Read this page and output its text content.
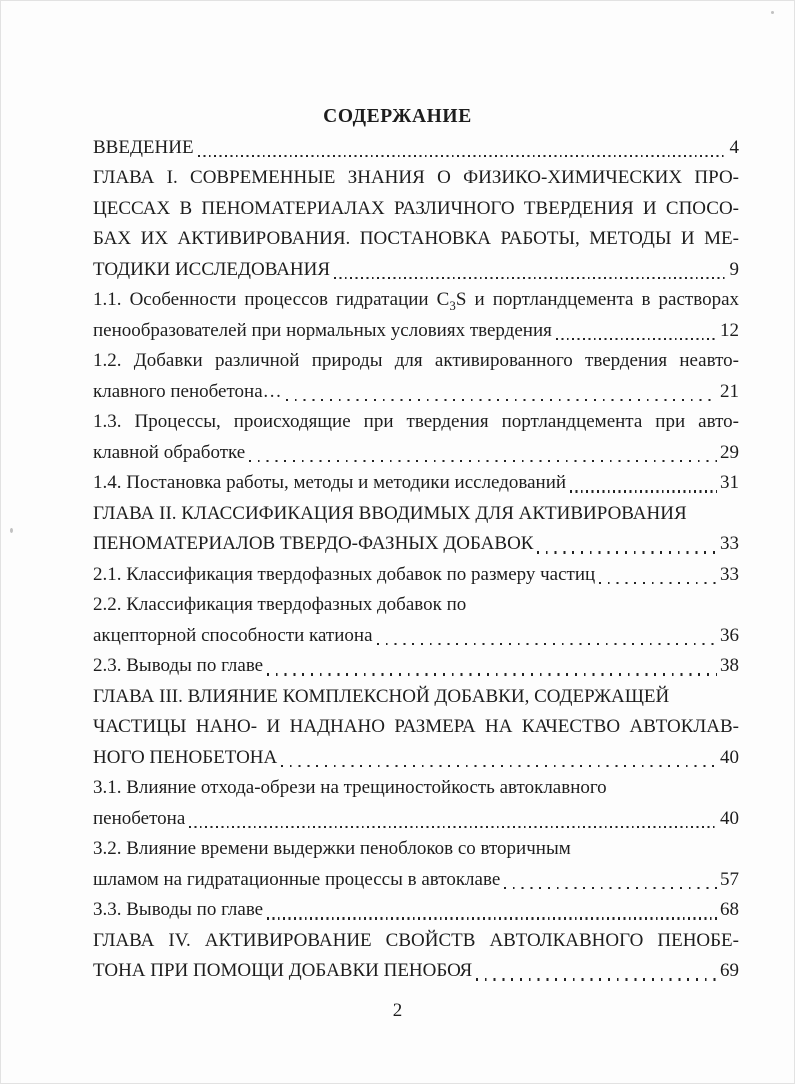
СОДЕРЖАНИЕ
ВВЕДЕНИЕ	4
ГЛАВА I. СОВРЕМЕННЫЕ ЗНАНИЯ О ФИЗИКО-ХИМИЧЕСКИХ ПРО-
ЦЕССАХ В ПЕНОМАТЕРИАЛАХ РАЗЛИЧНОГО ТВЕРДЕНИЯ И СПОСО-
БАХ ИХ АКТИВИРОВАНИЯ. ПОСТАНОВКА РАБОТЫ, МЕТОДЫ И МЕ-
ТОДИКИ ИССЛЕДОВАНИЯ	9
1.1. Особенности процессов гидратации $С_3S$ и портландцемента в растворах
пенообразователей при нормальных условиях твердения	12
1.2. Добавки различной природы для активированного твердения неавто-
клавного пенобетона…	21
1.3. Процессы, происходящие при твердения портландцемента при авто-
клавной обработке	29
1.4. Постановка работы, методы и методики исследований	31
ГЛАВА II. КЛАССИФИКАЦИЯ ВВОДИМЫХ ДЛЯ АКТИВИРОВАНИЯ
ПЕНОМАТЕРИАЛОВ ТВЕРДО-ФАЗНЫХ ДОБАВОК	33
2.1. Классификация твердофазных добавок по размеру частиц	33
2.2. Классификация твердофазных добавок по
акцепторной способности катиона	36
2.3. Выводы по главе	38
ГЛАВА III. ВЛИЯНИЕ КОМПЛЕКСНОЙ ДОБАВКИ, СОДЕРЖАЩЕЙ
ЧАСТИЦЫ НАНО- И НАДНАНО РАЗМЕРА НА КАЧЕСТВО АВТОКЛАВ-
НОГО ПЕНОБЕТОНА	40
3.1. Влияние отхода-обрези на трещиностойкость автоклавного
пенобетона	40
3.2. Влияние времени выдержки пеноблоков со вторичным
шламом на гидратационные процессы в автоклаве	57
3.3. Выводы по главе	68
ГЛАВА IV. АКТИВИРОВАНИЕ СВОЙСТВ АВТОЛКАВНОГО ПЕНОБЕ-
ТОНА ПРИ ПОМОЩИ ДОБАВКИ ПЕНОБОЯ	69
2
